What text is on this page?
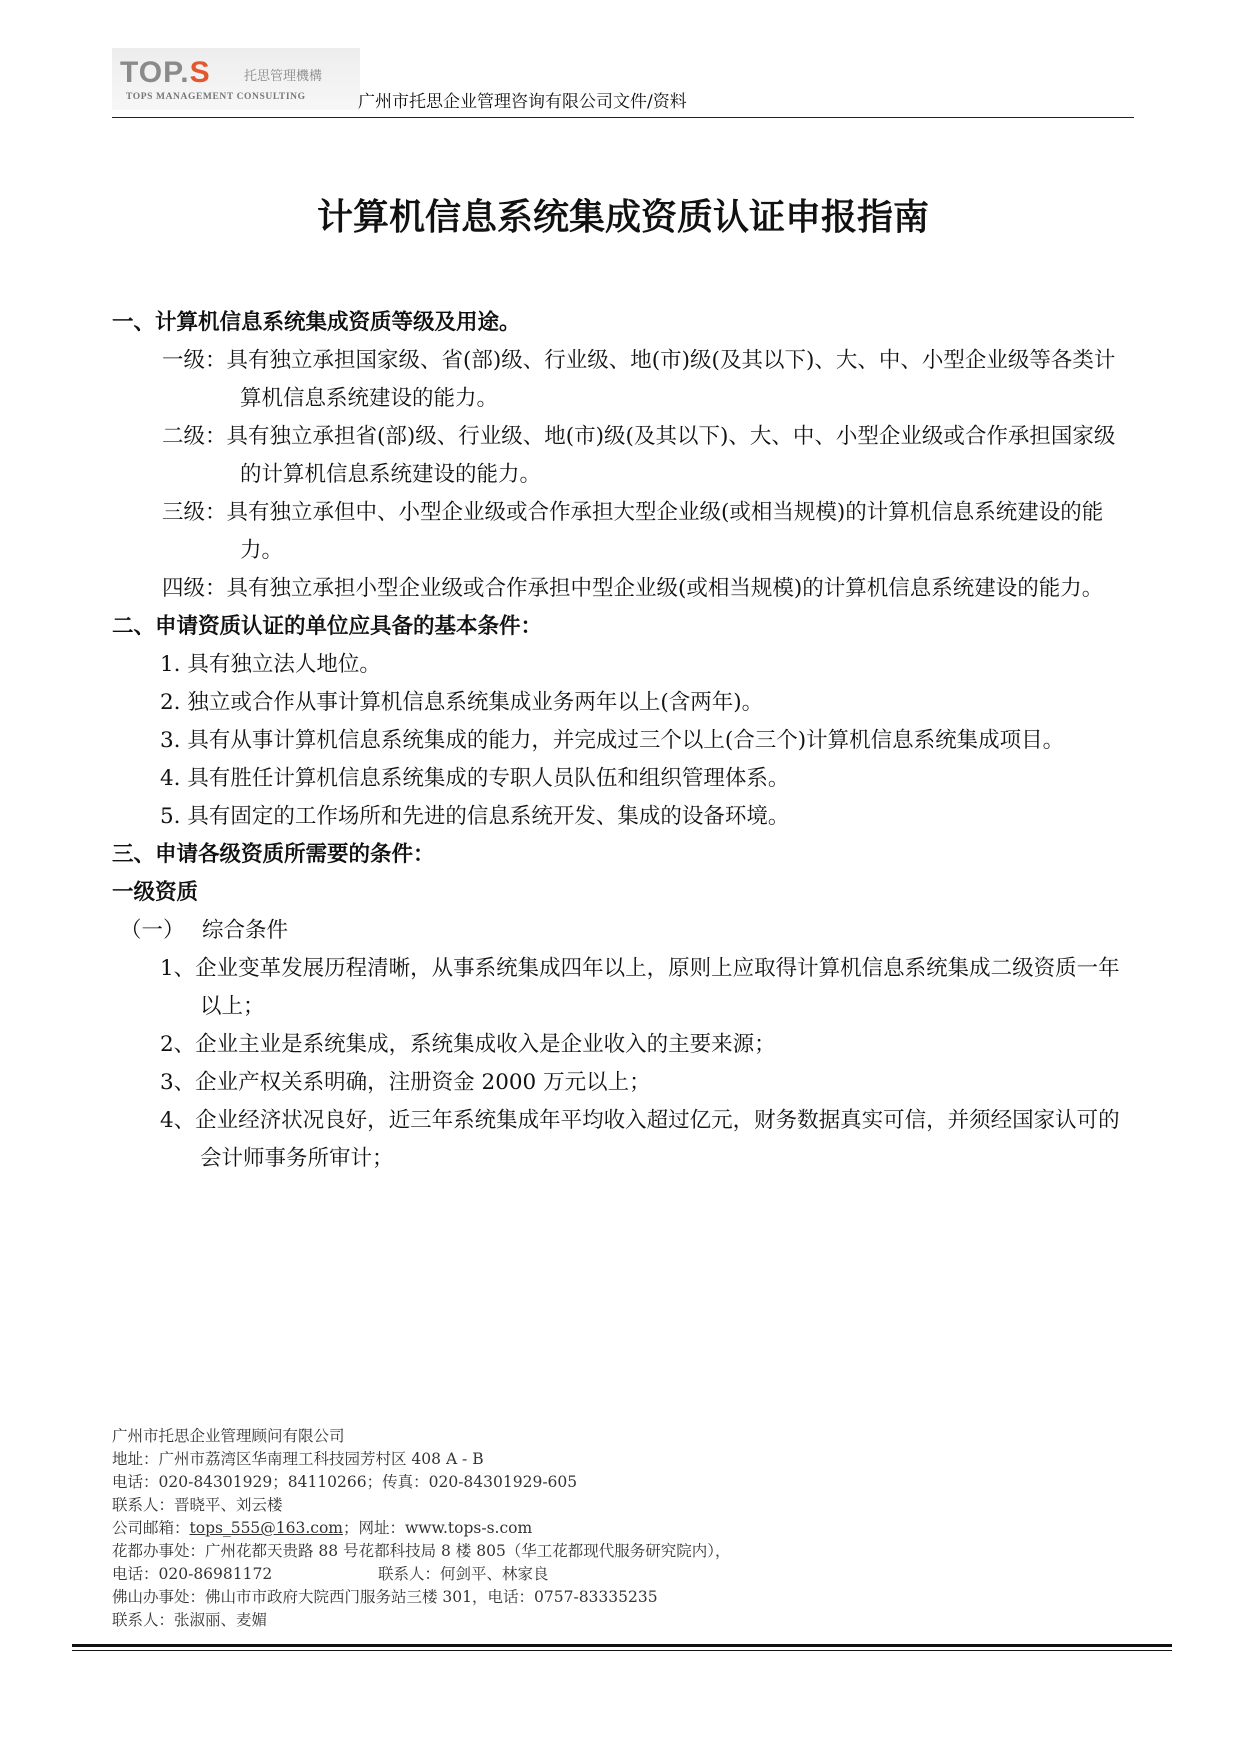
TOP.S	托思管理機構
TOPS MANAGEMENT CONSULTING	广州市托思企业管理咨询有限公司文件/资料
计算机信息系统集成资质认证申报指南

一、计算机信息系统集成资质等级及用途。

一级：具有独立承担国家级、省(部)级、行业级、地(市)级(及其以下)、大、中、小型企业级等各类计算机信息系统建设的能力。

二级：具有独立承担省(部)级、行业级、地(市)级(及其以下)、大、中、小型企业级或合作承担国家级的计算机信息系统建设的能力。

三级：具有独立承但中、小型企业级或合作承担大型企业级(或相当规模)的计算机信息系统建设的能力。

四级：具有独立承担小型企业级或合作承担中型企业级(或相当规模)的计算机信息系统建设的能力。

二、申请资质认证的单位应具备的基本条件：

1. 具有独立法人地位。

2. 独立或合作从事计算机信息系统集成业务两年以上(含两年)。

3. 具有从事计算机信息系统集成的能力，并完成过三个以上(合三个)计算机信息系统集成项目。

4. 具有胜任计算机信息系统集成的专职人员队伍和组织管理体系。

5. 具有固定的工作场所和先进的信息系统开发、集成的设备环境。

三、申请各级资质所需要的条件：

一级资质

（一） 综合条件

1、企业变革发展历程清晰，从事系统集成四年以上，原则上应取得计算机信息系统集成二级资质一年以上；

2、企业主业是系统集成，系统集成收入是企业收入的主要来源；

3、企业产权关系明确，注册资金 2000 万元以上；

4、企业经济状况良好，近三年系统集成年平均收入超过亿元，财务数据真实可信，并须经国家认可的会计师事务所审计；

广州市托思企业管理顾问有限公司

地址：广州市荔湾区华南理工科技园芳村区 408 A - B

电话：020-84301929；84110266；传真：020-84301929-605

联系人：晋晓平、刘云楼

公司邮箱：tops_555@163.com；网址：www.tops-s.com

花都办事处：广州花都天贵路 88 号花都科技局 8 楼 805（华工花都现代服务研究院内），

电话：020-86981172	联系人：何剑平、林家良

佛山办事处：佛山市市政府大院西门服务站三楼 301，电话：0757-83335235

联系人：张淑丽、麦媚
